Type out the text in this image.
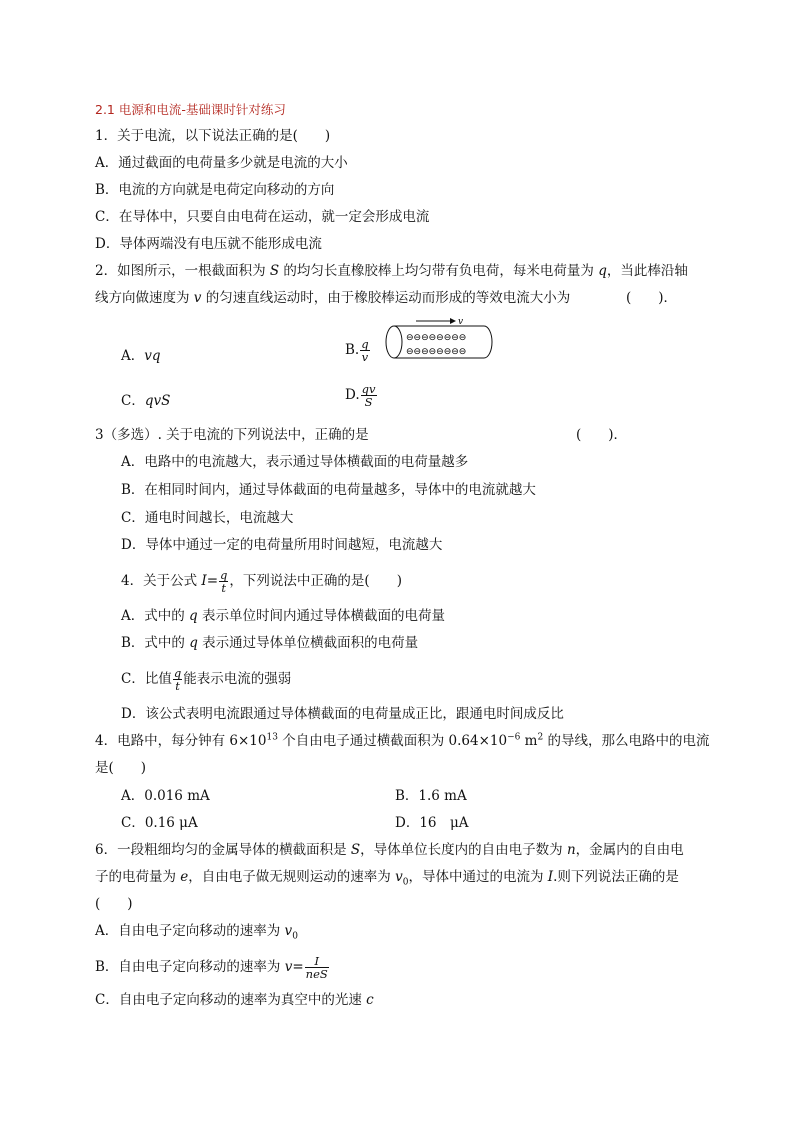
2.1 电源和电流-基础课时针对练习
1．关于电流，以下说法正确的是(　　)
A．通过截面的电荷量多少就是电流的大小
B．电流的方向就是电荷定向移动的方向
C．在导体中，只要自由电荷在运动，就一定会形成电流
D．导体两端没有电压就不能形成电流
2．如图所示，一根截面积为 S 的均匀长直橡胶棒上均匀带有负电荷，每米电荷量为 q，当此棒沿轴
线方向做速度为 v 的匀速直线运动时，由于橡胶棒运动而形成的等效电流大小为	(　　)．
v
⊖⊖⊖⊖⊖⊖⊖⊖
⊖⊖⊖⊖⊖⊖⊖⊖
A．vq	B. $\frac{q}{v}$
C．qvS	D. $\frac{qv}{S}$
3（多选）. 关于电流的下列说法中，正确的是	(　　)．
A．电路中的电流越大，表示通过导体横截面的电荷量越多
B．在相同时间内，通过导体截面的电荷量越多，导体中的电流就越大
C．通电时间越长，电流越大
D．导体中通过一定的电荷量所用时间越短，电流越大
4．关于公式 $I= \frac{q}{t}$ ，下列说法中正确的是(　　)
A．式中的 q 表示单位时间内通过导体横截面的电荷量
B．式中的 q 表示通过导体单位横截面积的电荷量
C．比值 $\frac{q}{t}$ 能表示电流的强弱
D．该公式表明电流跟通过导体横截面的电荷量成正比，跟通电时间成反比
4．电路中，每分钟有 $6\times 10^{13}$ 个自由电子通过横截面积为 $0.64\times 10^{-6}$ $m^2$ 的导线，那么电路中的电流
是(　　)
A．0.016 mA	B．1.6 mA
C．0.16 μA	D．16　μA
6．一段粗细均匀的金属导体的横截面积是 S，导体单位长度内的自由电子数为 n，金属内的自由电
子的电荷量为 e，自由电子做无规则运动的速率为 $v_0$，导体中通过的电流为 I.则下列说法正确的是
(　　)
A．自由电子定向移动的速率为 $v_0$
B．自由电子定向移动的速率为 $v= \frac{I}{\text{neS}}$
C．自由电子定向移动的速率为真空中的光速 c
